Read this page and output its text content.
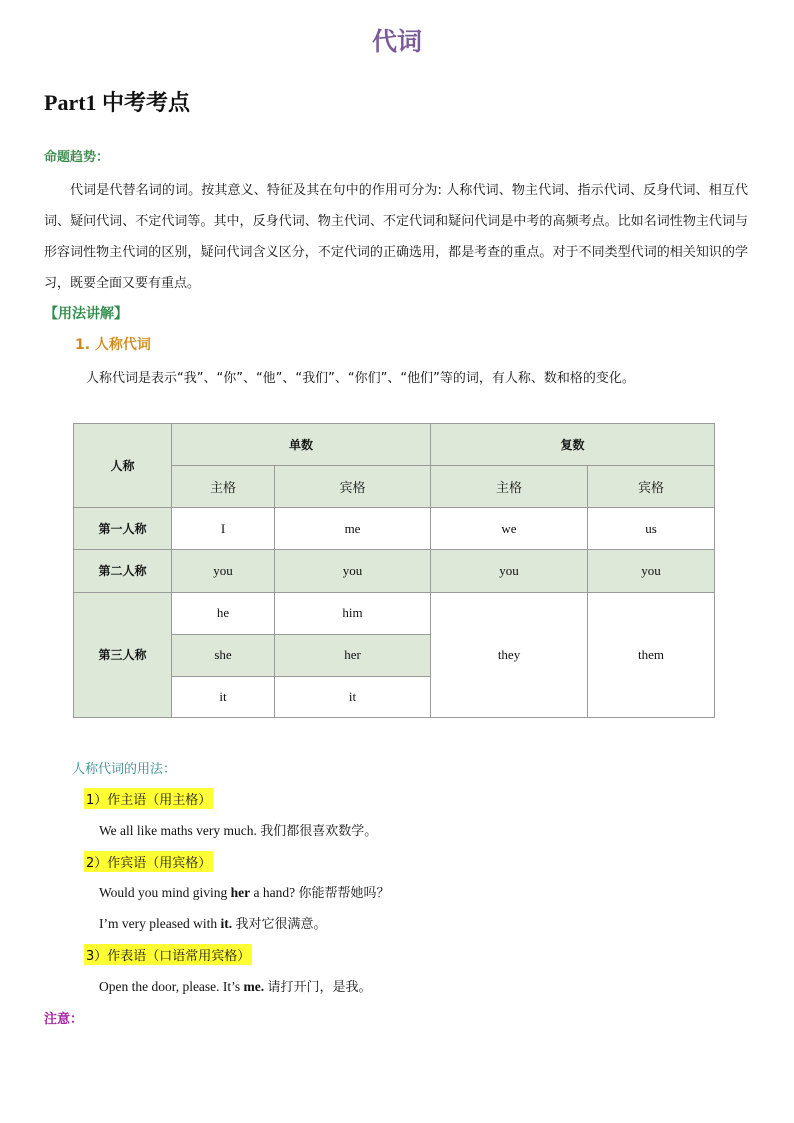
代词
Part1 中考考点
命题趋势：
代词是代替名词的词。按其意义、特征及其在句中的作用可分为: 人称代词、物主代词、指示代词、反身代词、相互代词、疑问代词、不定代词等。其中，反身代词、物主代词、不定代词和疑问代词是中考的高频考点。比如名词性物主代词与形容词性物主代词的区别，疑问代词含义区分，不定代词的正确选用，都是考查的重点。对于不同类型代词的相关知识的学习，既要全面又要有重点。
【用法讲解】
1. 人称代词
人称代词是表示“我”、“你”、“他”、“我们”、“你们”、“他们”等的词，有人称、数和格的变化。
人称	单数		复数	
	主格	宾格	主格	宾格
第一人称	I	me	we	us
第二人称	you	you	you	you
第三人称	he	him	they	them
	she	her		
	it	it		
人称代词的用法：
1）作主语（用主格）
We all like maths very much. 我们都很喜欢数学。
2）作宾语（用宾格）
Would you mind giving her a hand? 你能帮帮她吗？
I’m very pleased with it. 我对它很满意。
3）作表语（口语常用宾格）
Open the door, please. It’s me. 请打开门，是我。
注意：
